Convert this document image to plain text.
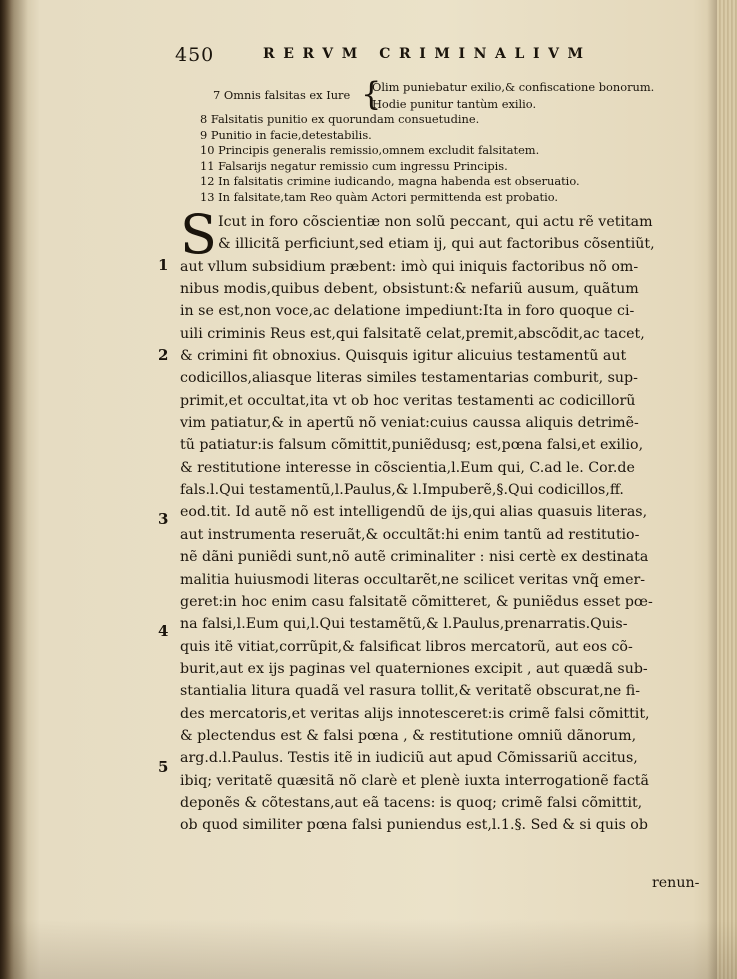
450	RERVM CRIMINALIVM
7 Omnis falsitas ex Iure {
Olim puniebatur exilio,& confiscatione bonorum.
Hodie punitur tantùm exilio.
8 Falsitatis punitio ex quorundam consuetudine.
9 Punitio in facie,detestabilis.
10 Principis generalis remissio,omnem excludit falsitatem.
11 Falsarijs negatur remissio cum ingressu Principis.
12 In falsitatis crimine iudicando, magna habenda est obseruatio.
13 In falsitate,tam Reo quàm Actori permittenda est probatio.
S Icut in foro cõscientiæ non solũ peccant, qui actu rẽ vetitam
& illicitã perficiunt,sed etiam ij, qui aut factoribus cõsentiũt,
aut vllum subsidium præbent: imò qui iniquis factoribus nõ om-
nibus modis,quibus debent, obsistunt:& nefariũ ausum, quãtum
in se est,non voce,ac delatione impediunt:Ita in foro quoque ci-
uili criminis Reus est,qui falsitatẽ celat,premit,abscõdit,ac tacet,
& crimini fit obnoxius. Quisquis igitur alicuius testamentũ aut
codicillos,aliasque literas similes testamentarias comburit, sup-
primit,et occultat,ita vt ob hoc veritas testamenti ac codicillorũ
vim patiatur,& in apertũ nõ veniat:cuius caussa aliquis detrimẽ-
tũ patiatur:is falsum cõmittit,puniẽdusq; est,pœna falsi,et exilio,
& restitutione interesse in cõscientia,l.Eum qui, C.ad le. Cor.de
fals.l.Qui testamentũ,l.Paulus,& l.Impuberẽ,§.Qui codicillos,ff.
eod.tit. Id autẽ nõ est intelligendũ de ijs,qui alias quasuis literas,
aut instrumenta reseruãt,& occultãt:hi enim tantũ ad restitutio-
nẽ dãni puniẽdi sunt,nõ autẽ criminaliter : nisi certè ex destinata
malitia huiusmodi literas occultarẽt,ne scilicet veritas vnq̃ emer-
geret:in hoc enim casu falsitatẽ cõmitteret, & puniẽdus esset pœ-
na falsi,l.Eum qui,l.Qui testamẽtũ,& l.Paulus,prenarratis.Quis-
quis itẽ vitiat,corrũpit,& falsificat libros mercatorũ, aut eos cõ-
burit,aut ex ijs paginas vel quaterniones excipit , aut quædã sub-
stantialia litura quadã vel rasura tollit,& veritatẽ obscurat,ne fi-
des mercatoris,et veritas alijs innotesceret:is crimẽ falsi cõmittit,
& plectendus est & falsi pœna , & restitutione omniũ dãnorum,
arg.d.l.Paulus. Testis itẽ in iudiciũ aut apud Cõmissariũ accitus,
ibiq; veritatẽ quæsitã nõ clarè et plenè iuxta interrogationẽ factã
deponẽs & cõtestans,aut eã tacens: is quoq; crimẽ falsi cõmittit,
ob quod similiter pœna falsi puniendus est,l.1.§. Sed & si quis ob
1
2
3
4
5
renun-
